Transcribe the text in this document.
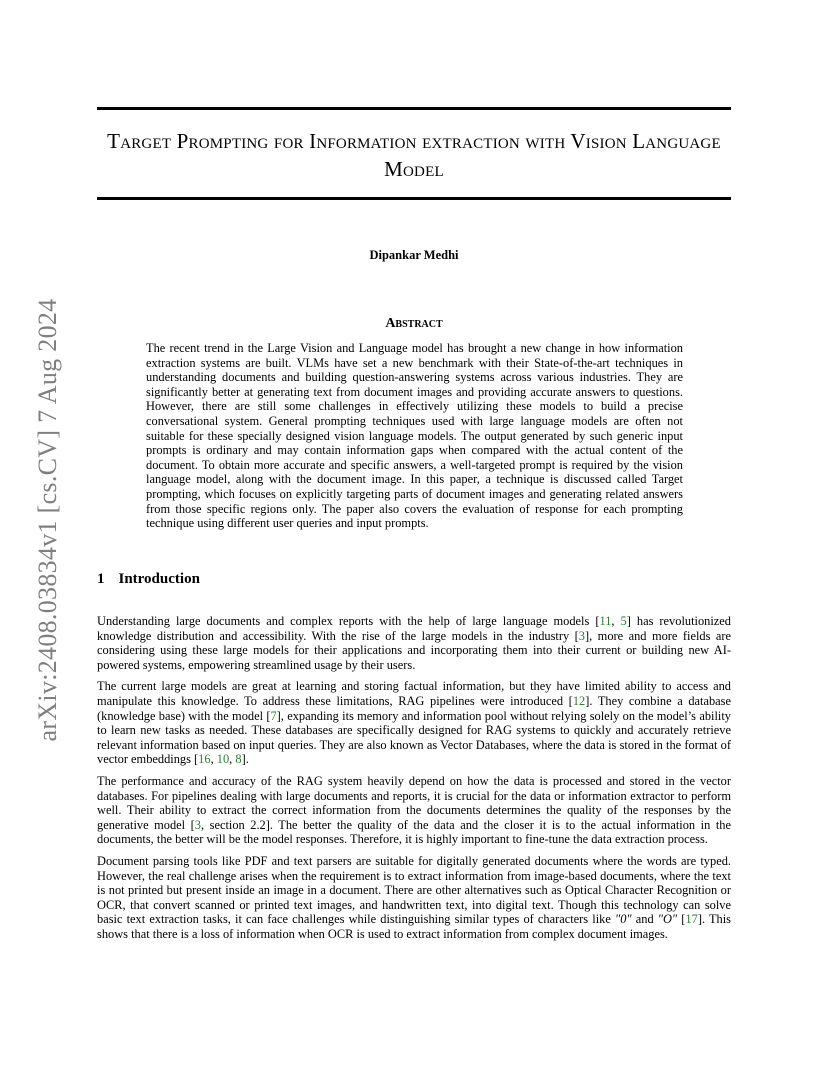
Target Prompting for Information extraction with Vision Language Model
Dipankar Medhi
arXiv:2408.03834v1 [cs.CV] 7 Aug 2024	Abstract

The recent trend in the Large Vision and Language model has brought a new change in how information extraction systems are built. VLMs have set a new benchmark with their State-of-the-art techniques in understanding documents and building question-answering systems across various industries. They are significantly better at generating text from document images and providing accurate answers to questions. However, there are still some challenges in effectively utilizing these models to build a precise conversational system. General prompting techniques used with large language models are often not suitable for these specially designed vision language models. The output generated by such generic input prompts is ordinary and may contain information gaps when compared with the actual content of the document. To obtain more accurate and specific answers, a well-targeted prompt is required by the vision language model, along with the document image. In this paper, a technique is discussed called Target prompting, which focuses on explicitly targeting parts of document images and generating related answers from those specific regions only. The paper also covers the evaluation of response for each prompting technique using different user queries and input prompts.

1 Introduction

Understanding large documents and complex reports with the help of large language models [11, 5] has revolutionized knowledge distribution and accessibility. With the rise of the large models in the industry [3], more and more fields are considering using these large models for their applications and incorporating them into their current or building new AI-powered systems, empowering streamlined usage by their users.

The current large models are great at learning and storing factual information, but they have limited ability to access and manipulate this knowledge. To address these limitations, RAG pipelines were introduced [12]. They combine a database (knowledge base) with the model [7], expanding its memory and information pool without relying solely on the model’s ability to learn new tasks as needed. These databases are specifically designed for RAG systems to quickly and accurately retrieve relevant information based on input queries. They are also known as Vector Databases, where the data is stored in the format of vector embeddings [16, 10, 8].

The performance and accuracy of the RAG system heavily depend on how the data is processed and stored in the vector databases. For pipelines dealing with large documents and reports, it is crucial for the data or information extractor to perform well. Their ability to extract the correct information from the documents determines the quality of the responses by the generative model [3, section 2.2]. The better the quality of the data and the closer it is to the actual information in the documents, the better will be the model responses. Therefore, it is highly important to fine-tune the data extraction process.

Document parsing tools like PDF and text parsers are suitable for digitally generated documents where the words are typed. However, the real challenge arises when the requirement is to extract information from image-based documents, where the text is not printed but present inside an image in a document. There are other alternatives such as Optical Character Recognition or OCR, that convert scanned or printed text images, and handwritten text, into digital text. Though this technology can solve basic text extraction tasks, it can face challenges while distinguishing similar types of characters like "0" and "O" [17]. This shows that there is a loss of information when OCR is used to extract information from complex document images.
